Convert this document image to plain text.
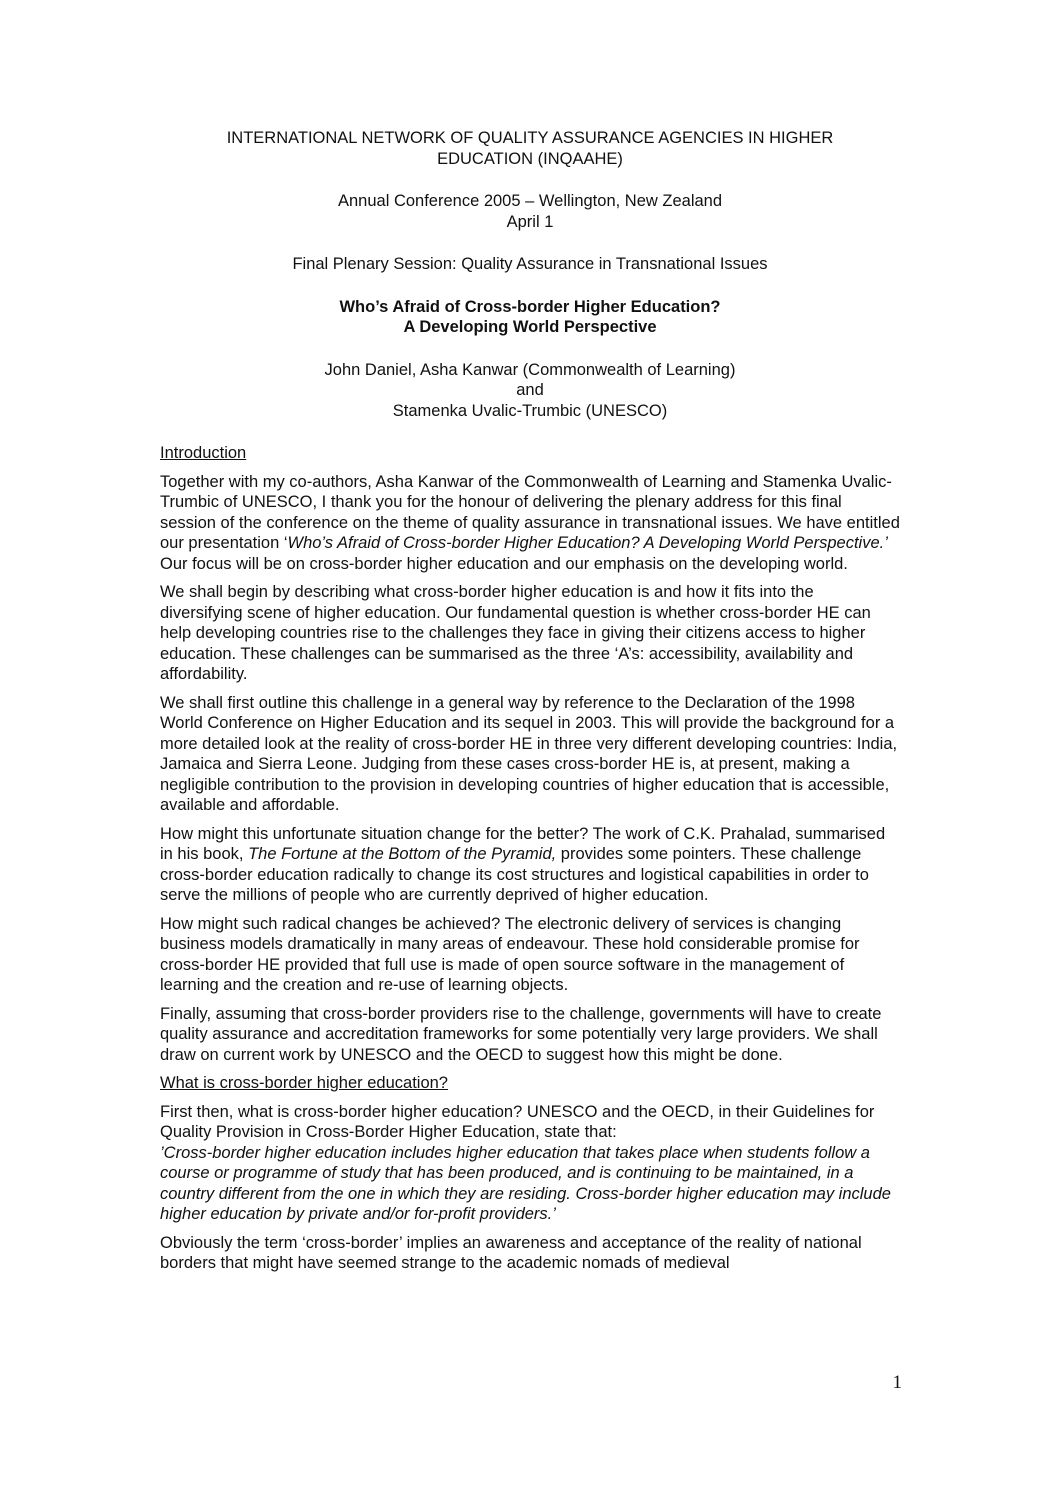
INTERNATIONAL NETWORK OF QUALITY ASSURANCE AGENCIES IN HIGHER
EDUCATION (INQAAHE)
Annual Conference 2005 – Wellington, New Zealand
April 1
Final Plenary Session: Quality Assurance in Transnational Issues
Who’s Afraid of Cross-border Higher Education?
A Developing World Perspective
John Daniel, Asha Kanwar (Commonwealth of Learning)
and
Stamenka Uvalic-Trumbic (UNESCO)
Introduction

Together with my co-authors, Asha Kanwar of the Commonwealth of Learning and Stamenka Uvalic-Trumbic of UNESCO, I thank you for the honour of delivering the plenary address for this final session of the conference on the theme of quality assurance in transnational issues. We have entitled our presentation ‘Who’s Afraid of Cross-border Higher Education? A Developing World Perspective.’ Our focus will be on cross-border higher education and our emphasis on the developing world.

We shall begin by describing what cross-border higher education is and how it fits into the diversifying scene of higher education. Our fundamental question is whether cross-border HE can help developing countries rise to the challenges they face in giving their citizens access to higher education. These challenges can be summarised as the three ‘A’s: accessibility, availability and affordability.

We shall first outline this challenge in a general way by reference to the Declaration of the 1998 World Conference on Higher Education and its sequel in 2003. This will provide the background for a more detailed look at the reality of cross-border HE in three very different developing countries: India, Jamaica and Sierra Leone. Judging from these cases cross-border HE is, at present, making a negligible contribution to the provision in developing countries of higher education that is accessible, available and affordable.

How might this unfortunate situation change for the better? The work of C.K. Prahalad, summarised in his book, The Fortune at the Bottom of the Pyramid, provides some pointers. These challenge cross-border education radically to change its cost structures and logistical capabilities in order to serve the millions of people who are currently deprived of higher education.

How might such radical changes be achieved? The electronic delivery of services is changing business models dramatically in many areas of endeavour. These hold considerable promise for cross-border HE provided that full use is made of open source software in the management of learning and the creation and re-use of learning objects.

Finally, assuming that cross-border providers rise to the challenge, governments will have to create quality assurance and accreditation frameworks for some potentially very large providers. We shall draw on current work by UNESCO and the OECD to suggest how this might be done.

What is cross-border higher education?

First then, what is cross-border higher education? UNESCO and the OECD, in their Guidelines for Quality Provision in Cross-Border Higher Education, state that:
’Cross-border higher education includes higher education that takes place when students follow a course or programme of study that has been produced, and is continuing to be maintained, in a country different from the one in which they are residing. Cross-border higher education may include higher education by private and/or for-profit providers.’

Obviously the term ‘cross-border’ implies an awareness and acceptance of the reality of national borders that might have seemed strange to the academic nomads of medieval

1
